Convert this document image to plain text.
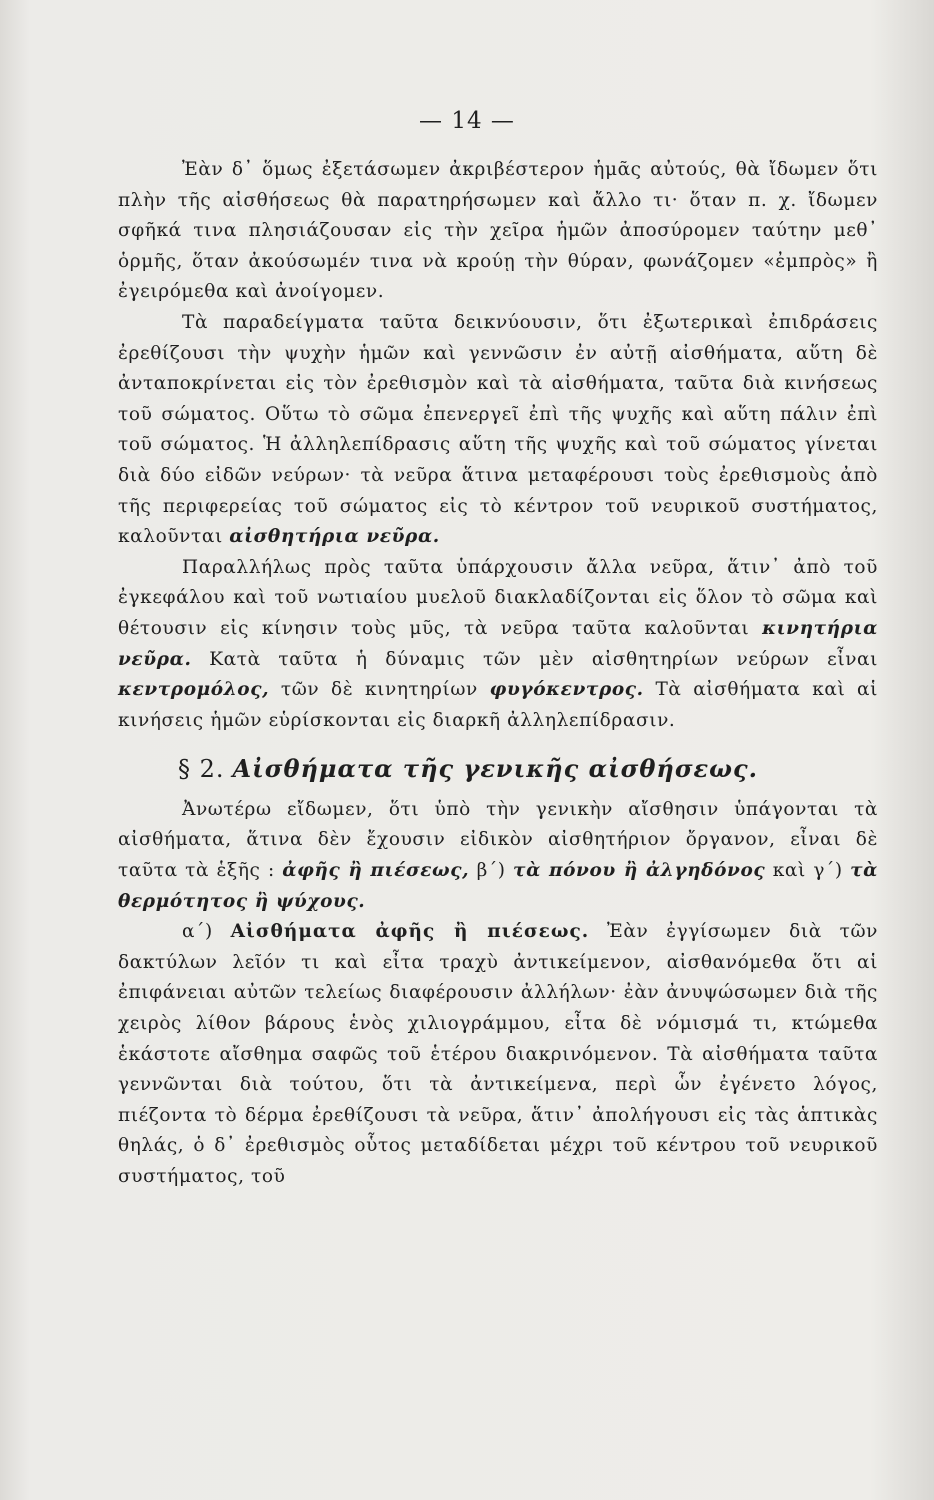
— 14 —

Ἐὰν δ᾽ ὅμως ἐξετάσωμεν ἀκριβέστερον ἡμᾶς αὐτούς, θὰ ἴδωμεν ὅτι πλὴν τῆς αἰσθήσεως θὰ παρατηρήσωμεν καὶ ἄλλο τι· ὅταν π. χ. ἴδωμεν σφῆκά τινα πλησιάζουσαν εἰς τὴν χεῖρα ἡμῶν ἀποσύρομεν ταύτην μεθ᾽ ὁρμῆς, ὅταν ἀκούσωμέν τινα νὰ κρούῃ τὴν θύραν, φωνάζομεν «ἐμπρὸς» ἢ ἐγειρόμεθα καὶ ἀνοίγομεν.

Τὰ παραδείγματα ταῦτα δεικνύουσιν, ὅτι ἐξωτερικαὶ ἐπιδράσεις ἐρεθίζουσι τὴν ψυχὴν ἡμῶν καὶ γεννῶσιν ἐν αὐτῇ αἰσθήματα, αὕτη δὲ ἀνταποκρίνεται εἰς τὸν ἐρεθισμὸν καὶ τὰ αἰσθήματα, ταῦτα διὰ κινήσεως τοῦ σώματος. Οὕτω τὸ σῶμα ἐπενεργεῖ ἐπὶ τῆς ψυχῆς καὶ αὕτη πάλιν ἐπὶ τοῦ σώματος. Ἡ ἀλληλεπίδρασις αὕτη τῆς ψυχῆς καὶ τοῦ σώματος γίνεται διὰ δύο εἰδῶν νεύρων· τὰ νεῦρα ἅτινα μεταφέρουσι τοὺς ἐρεθισμοὺς ἀπὸ τῆς περιφερείας τοῦ σώματος εἰς τὸ κέντρον τοῦ νευρικοῦ συστήματος, καλοῦνται αἰσθητήρια νεῦρα.

Παραλλήλως πρὸς ταῦτα ὑπάρχουσιν ἄλλα νεῦρα, ἅτιν᾽ ἀπὸ τοῦ ἐγκεφάλου καὶ τοῦ νωτιαίου μυελοῦ διακλαδίζονται εἰς ὅλον τὸ σῶμα καὶ θέτουσιν εἰς κίνησιν τοὺς μῦς, τὰ νεῦρα ταῦτα καλοῦνται κινητήρια νεῦρα. Κατὰ ταῦτα ἡ δύναμις τῶν μὲν αἰσθητηρίων νεύρων εἶναι κεντρομόλος, τῶν δὲ κινητηρίων φυγόκεντρος. Τὰ αἰσθήματα καὶ αἱ κινήσεις ἡμῶν εὑρίσκονται εἰς διαρκῆ ἀλληλεπίδρασιν.

§ 2. Αἰσθήματα τῆς γενικῆς αἰσθήσεως.

Ἀνωτέρω εἴδωμεν, ὅτι ὑπὸ τὴν γενικὴν αἴσθησιν ὑπάγονται τὰ αἰσθήματα, ἅτινα δὲν ἔχουσιν εἰδικὸν αἰσθητήριον ὄργανον, εἶναι δὲ ταῦτα τὰ ἑξῆς : ἀφῆς ἢ πιέσεως, β΄) τὰ πόνου ἢ ἀλγηδόνος καὶ γ΄) τὰ θερμότητος ἢ ψύχους.

α΄) Αἰσθήματα ἀφῆς ἢ πιέσεως. Ἐὰν ἐγγίσωμεν διὰ τῶν δακτύλων λεῖόν τι καὶ εἶτα τραχὺ ἀντικείμενον, αἰσθανόμεθα ὅτι αἱ ἐπιφάνειαι αὐτῶν τελείως διαφέρουσιν ἀλλήλων· ἐὰν ἀνυψώσωμεν διὰ τῆς χειρὸς λίθον βάρους ἑνὸς χιλιογράμμου, εἶτα δὲ νόμισμά τι, κτώμεθα ἑκάστοτε αἴσθημα σαφῶς τοῦ ἑτέρου διακρινόμενον. Τὰ αἰσθήματα ταῦτα γεννῶνται διὰ τούτου, ὅτι τὰ ἀντικείμενα, περὶ ὧν ἐγένετο λόγος, πιέζοντα τὸ δέρμα ἐρεθίζουσι τὰ νεῦρα, ἅτιν᾽ ἀπολήγουσι εἰς τὰς ἁπτικὰς θηλάς, ὁ δ᾽ ἐρεθισμὸς οὗτος μεταδίδεται μέχρι τοῦ κέντρου τοῦ νευρικοῦ συστήματος, τοῦ
